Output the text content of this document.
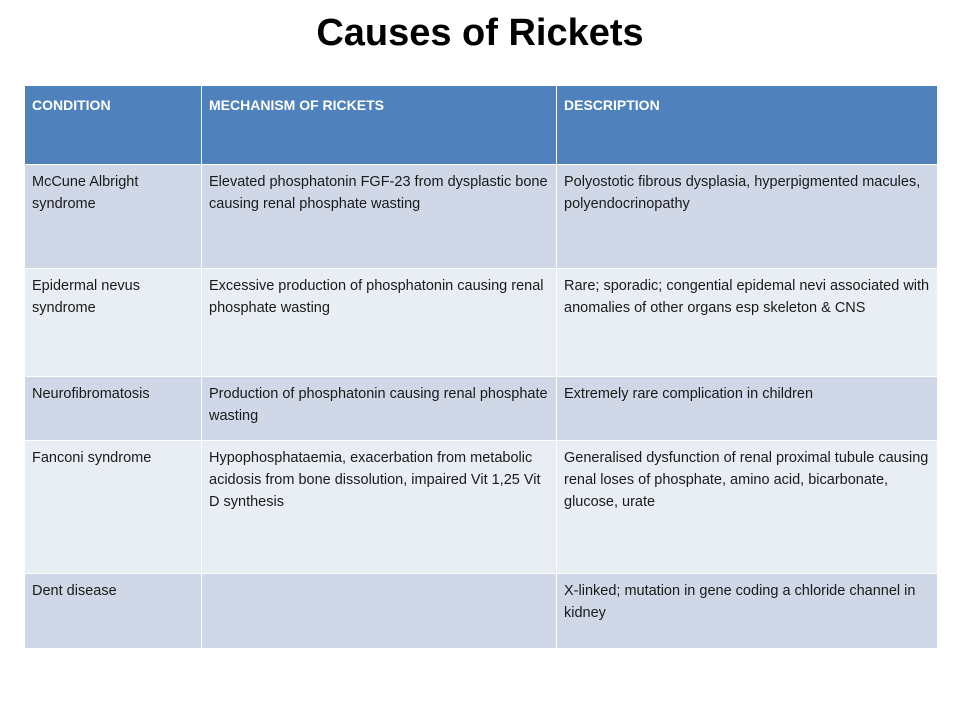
Causes of Rickets
CONDITION	MECHANISM OF RICKETS	DESCRIPTION
McCune Albright syndrome	Elevated phosphatonin FGF-23 from dysplastic bone causing renal phosphate wasting	Polyostotic fibrous dysplasia, hyperpigmented macules, polyendocrinopathy
Epidermal nevus syndrome	Excessive production of phosphatonin causing renal phosphate wasting	Rare; sporadic; congential epidemal nevi associated with anomalies of other organs esp skeleton & CNS
Neurofibromatosis	Production of phosphatonin causing renal phosphate wasting	Extremely rare complication in children
Fanconi syndrome	Hypophosphataemia, exacerbation from metabolic acidosis from bone dissolution, impaired Vit 1,25 Vit D synthesis	Generalised dysfunction of renal proximal tubule causing renal loses of phosphate, amino acid, bicarbonate, glucose, urate
Dent disease		X-linked; mutation in gene coding a chloride channel in kidney
